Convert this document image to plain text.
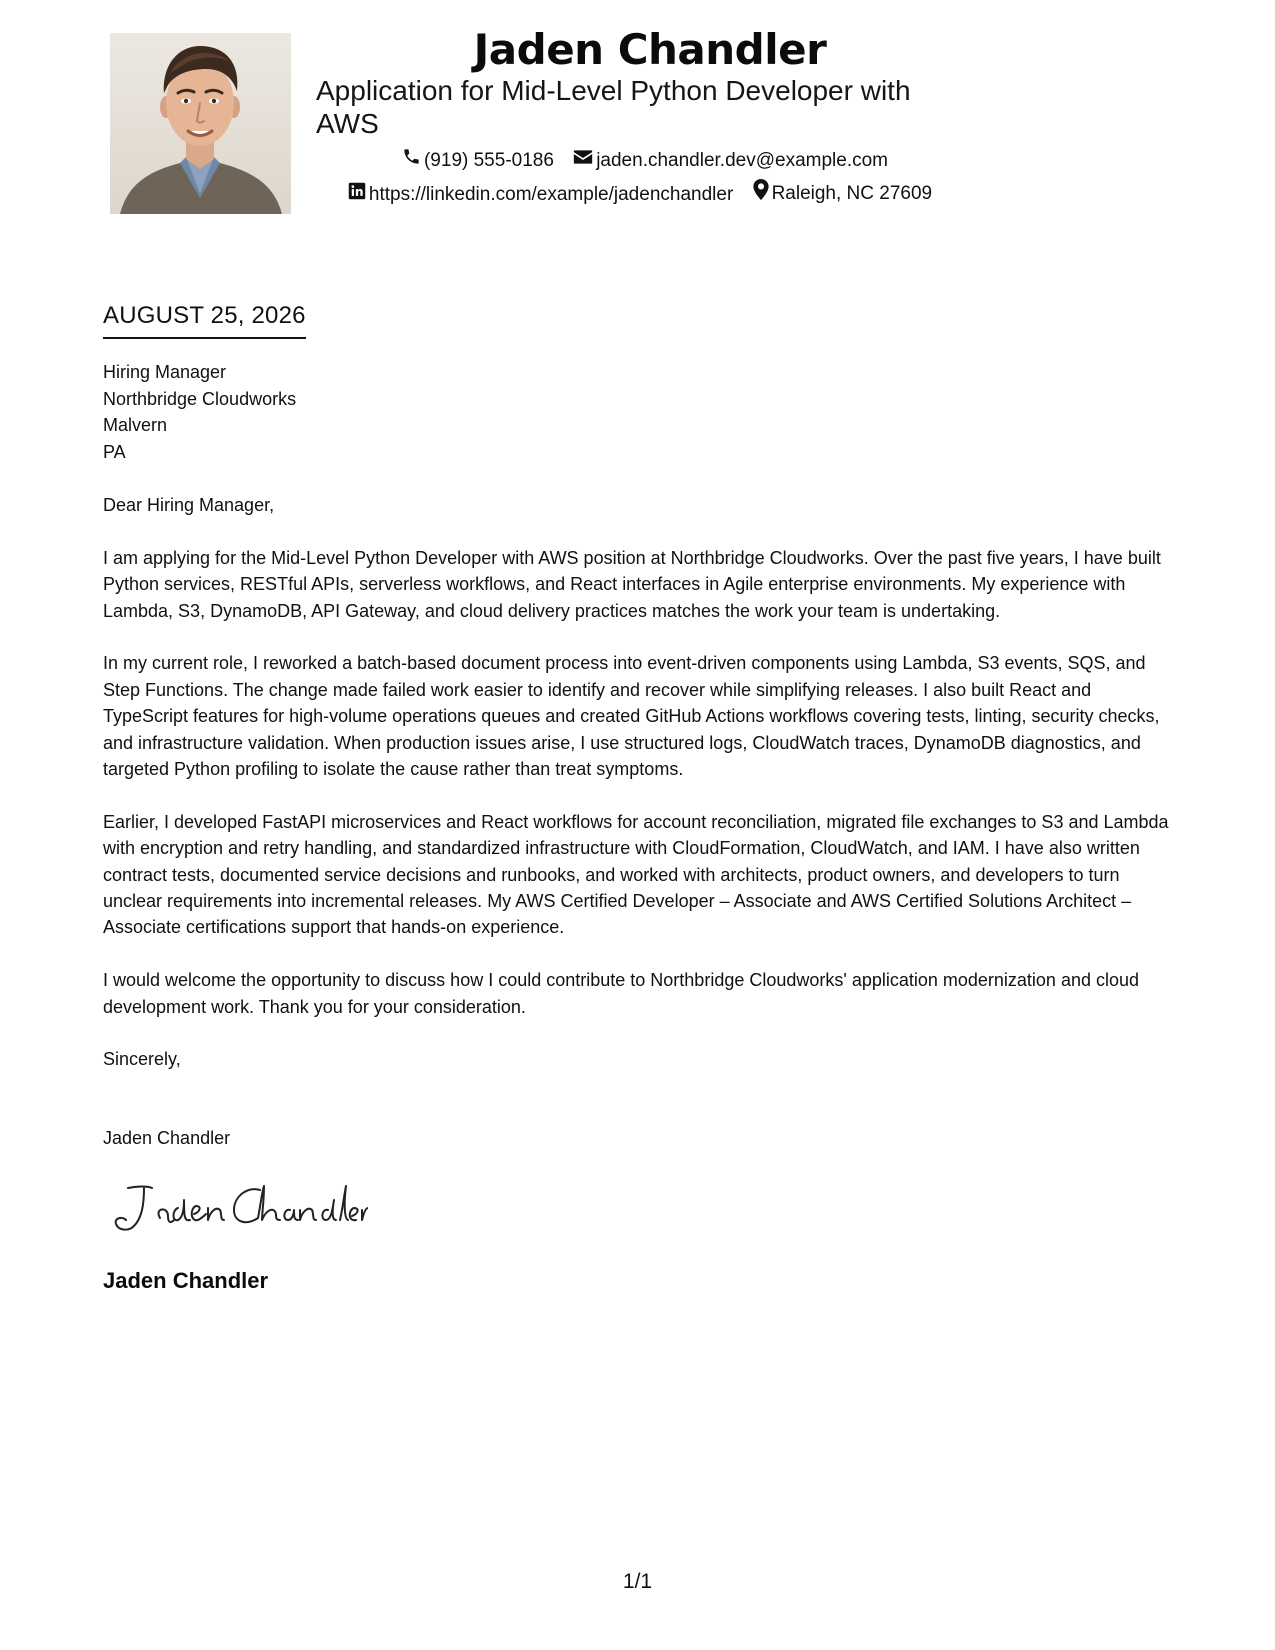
Jaden Chandler
Application for Mid-Level Python Developer with AWS
(919) 555-0186
jaden.chandler.dev@example.com
https://linkedin.com/example/jadenchandler
Raleigh, NC 27609
AUGUST 25, 2026
Hiring Manager
Northbridge Cloudworks
Malvern
PA

Dear Hiring Manager,

I am applying for the Mid-Level Python Developer with AWS position at Northbridge Cloudworks. Over the past five years, I have built Python services, RESTful APIs, serverless workflows, and React interfaces in Agile enterprise environments. My experience with Lambda, S3, DynamoDB, API Gateway, and cloud delivery practices matches the work your team is undertaking.

In my current role, I reworked a batch-based document process into event-driven components using Lambda, S3 events, SQS, and Step Functions. The change made failed work easier to identify and recover while simplifying releases. I also built React and TypeScript features for high-volume operations queues and created GitHub Actions workflows covering tests, linting, security checks, and infrastructure validation. When production issues arise, I use structured logs, CloudWatch traces, DynamoDB diagnostics, and targeted Python profiling to isolate the cause rather than treat symptoms.

Earlier, I developed FastAPI microservices and React workflows for account reconciliation, migrated file exchanges to S3 and Lambda with encryption and retry handling, and standardized infrastructure with CloudFormation, CloudWatch, and IAM. I have also written contract tests, documented service decisions and runbooks, and worked with architects, product owners, and developers to turn unclear requirements into incremental releases. My AWS Certified Developer – Associate and AWS Certified Solutions Architect – Associate certifications support that hands-on experience.

I would welcome the opportunity to discuss how I could contribute to Northbridge Cloudworks' application modernization and cloud development work. Thank you for your consideration.

Sincerely,
Jaden Chandler
Jaden Chandler
1/1
